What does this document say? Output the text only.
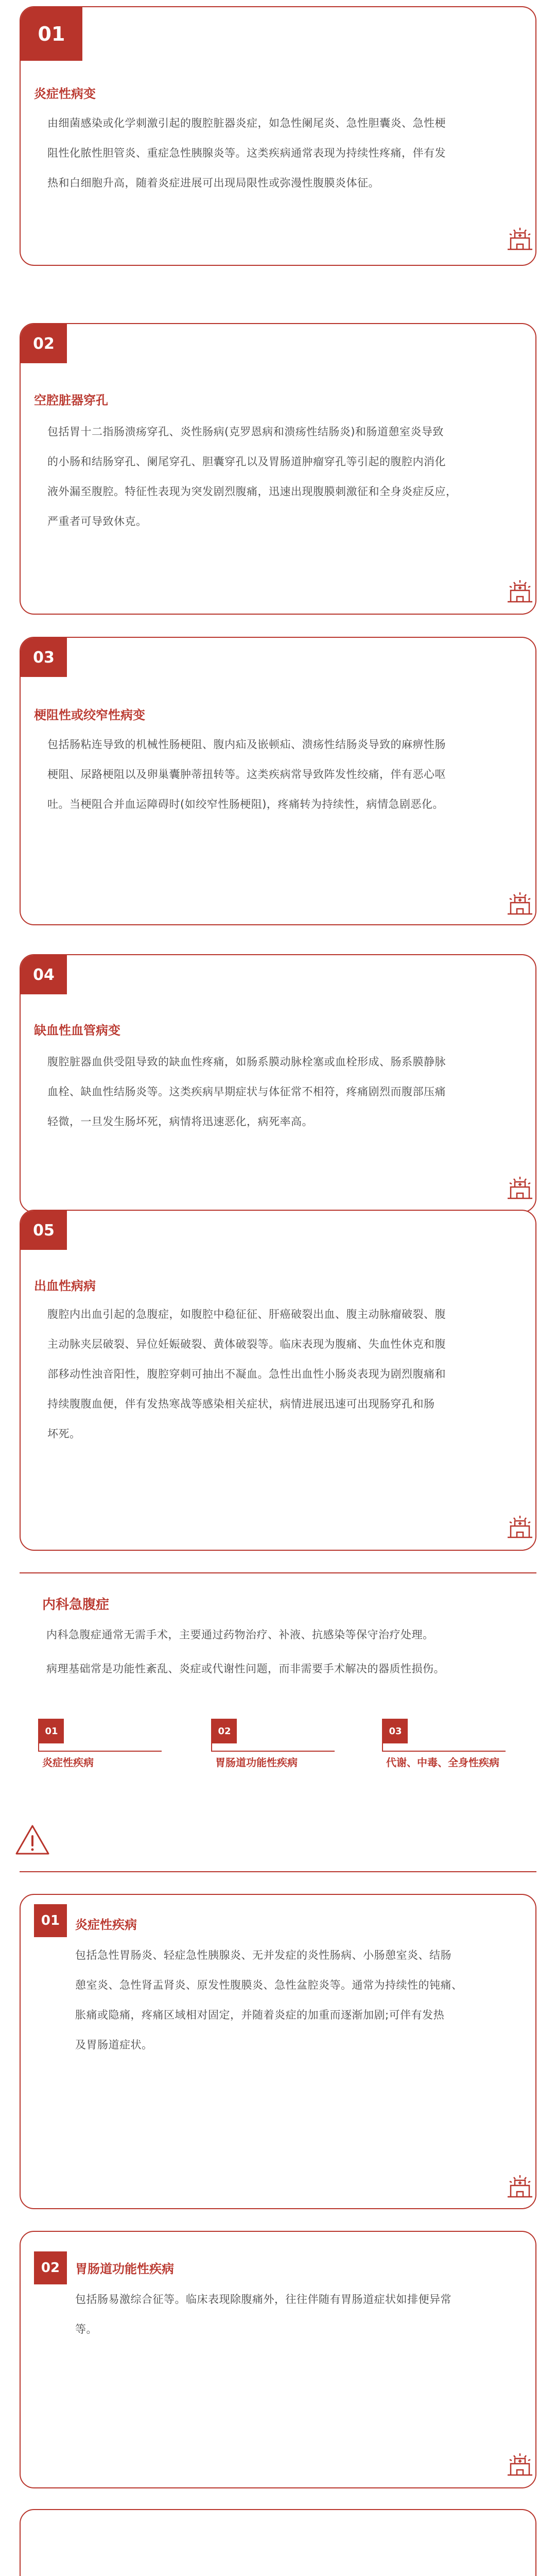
01
炎症性病变
由细菌感染或化学刺激引起的腹腔脏器炎症，如急性阑尾炎、急性胆囊炎、急性梗
阻性化脓性胆管炎、重症急性胰腺炎等。这类疾病通常表现为持续性疼痛，伴有发
热和白细胞升高，随着炎症进展可出现局限性或弥漫性腹膜炎体征。
02
空腔脏器穿孔
包括胃十二指肠溃疡穿孔、炎性肠病(克罗恩病和溃疡性结肠炎)和肠道憩室炎导致
的小肠和结肠穿孔、阑尾穿孔、胆囊穿孔以及胃肠道肿瘤穿孔等引起的腹腔内消化
液外漏至腹腔。特征性表现为突发剧烈腹痛，迅速出现腹膜刺激征和全身炎症反应，
严重者可导致休克。
03
梗阻性或绞窄性病变
包括肠粘连导致的机械性肠梗阻、腹内疝及嵌顿疝、溃疡性结肠炎导致的麻痹性肠
梗阻、尿路梗阻以及卵巢囊肿蒂扭转等。这类疾病常导致阵发性绞痛，伴有恶心呕
吐。当梗阻合并血运障碍时(如绞窄性肠梗阻)，疼痛转为持续性，病情急剧恶化。
04
缺血性血管病变
腹腔脏器血供受阻导致的缺血性疼痛，如肠系膜动脉栓塞或血栓形成、肠系膜静脉
血栓、缺血性结肠炎等。这类疾病早期症状与体征常不相符，疼痛剧烈而腹部压痛
轻微，一旦发生肠坏死，病情将迅速恶化，病死率高。
05
出血性病病
腹腔内出血引起的急腹症，如腹腔中稳征征、肝癌破裂出血、腹主动脉瘤破裂、腹
主动脉夹层破裂、异位妊娠破裂、黄体破裂等。临床表现为腹痛、失血性休克和腹
部移动性浊音阳性，腹腔穿刺可抽出不凝血。急性出血性小肠炎表现为剧烈腹痛和
持续腹腹血便，伴有发热寒战等感染相关症状，病情进展迅速可出现肠穿孔和肠
坏死。
内科急腹症
内科急腹症通常无需手术，主要通过药物治疗、补液、抗感染等保守治疗处理。
病理基础常是功能性紊乱、炎症或代谢性问题，而非需要手术解决的器质性损伤。
01
炎症性疾病
02
胃肠道功能性疾病
03
代谢、中毒、全身性疾病
01	炎症性疾病
包括急性胃肠炎、轻症急性胰腺炎、无并发症的炎性肠病、小肠憩室炎、结肠
憩室炎、急性肾盂肾炎、原发性腹膜炎、急性盆腔炎等。通常为持续性的钝痛、
胀痛或隐痛，疼痛区域相对固定，并随着炎症的加重而逐渐加剧;可伴有发热
及胃肠道症状。
02	胃肠道功能性疾病
包括肠易激综合征等。临床表现除腹痛外，往往伴随有胃肠道症状如排便异常
等。
